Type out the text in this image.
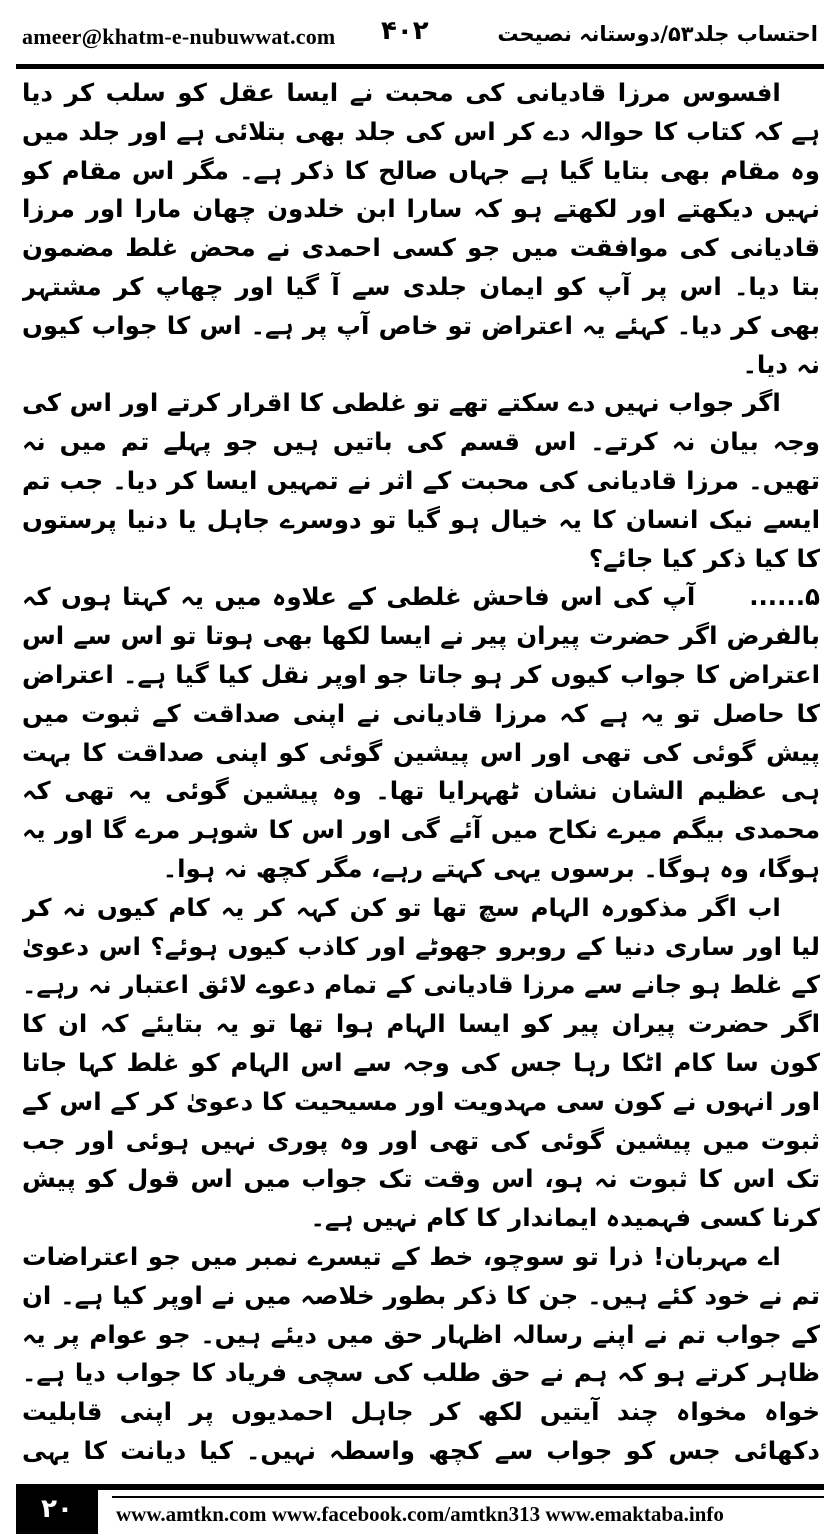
ameer@khatm-e-nubuwwat.com ۴۰۲	احتساب جلد۵۳/دوستانہ نصیحت

افسوس مرزا قادیانی کی محبت نے ایسا عقل کو سلب کر دیا ہے کہ کتاب کا حوالہ دے کر اس کی جلد بھی بتلائی ہے اور جلد میں وہ مقام بھی بتایا گیا ہے جہاں صالح کا ذکر ہے۔ مگر اس مقام کو نہیں دیکھتے اور لکھتے ہو کہ سارا ابن خلدون چھان مارا اور مرزا قادیانی کی موافقت میں جو کسی احمدی نے محض غلط مضمون بتا دیا۔ اس پر آپ کو ایمان جلدی سے آ گیا اور چھاپ کر مشتہر بھی کر دیا۔ کہئے یہ اعتراض تو خاص آپ پر ہے۔ اس کا جواب کیوں نہ دیا۔

اگر جواب نہیں دے سکتے تھے تو غلطی کا اقرار کرتے اور اس کی وجہ بیان نہ کرتے۔ اس قسم کی باتیں ہیں جو پہلے تم میں نہ تھیں۔ مرزا قادیانی کی محبت کے اثر نے تمہیں ایسا کر دیا۔ جب تم ایسے نیک انسان کا یہ خیال ہو گیا تو دوسرے جاہل یا دنیا پرستوں کا کیا ذکر کیا جائے؟

۵......آپ کی اس فاحش غلطی کے علاوہ میں یہ کہتا ہوں کہ بالفرض اگر حضرت پیران پیر نے ایسا لکھا بھی ہوتا تو اس سے اس اعتراض کا جواب کیوں کر ہو جاتا جو اوپر نقل کیا گیا ہے۔ اعتراض کا حاصل تو یہ ہے کہ مرزا قادیانی نے اپنی صداقت کے ثبوت میں پیش گوئی کی تھی اور اس پیشین گوئی کو اپنی صداقت کا بہت ہی عظیم الشان نشان ٹھہرایا تھا۔ وہ پیشین گوئی یہ تھی کہ محمدی بیگم میرے نکاح میں آئے گی اور اس کا شوہر مرے گا اور یہ ہوگا، وہ ہوگا۔ برسوں یہی کہتے رہے، مگر کچھ نہ ہوا۔

اب اگر مذکورہ الہام سچ تھا تو کن کہہ کر یہ کام کیوں نہ کر لیا اور ساری دنیا کے روبرو جھوٹے اور کاذب کیوں ہوئے؟ اس دعویٰ کے غلط ہو جانے سے مرزا قادیانی کے تمام دعوے لائق اعتبار نہ رہے۔ اگر حضرت پیران پیر کو ایسا الہام ہوا تھا تو یہ بتایئے کہ ان کا کون سا کام اٹکا رہا جس کی وجہ سے اس الہام کو غلط کہا جاتا اور انہوں نے کون سی مہدویت اور مسیحیت کا دعویٰ کر کے اس کے ثبوت میں پیشین گوئی کی تھی اور وہ پوری نہیں ہوئی اور جب تک اس کا ثبوت نہ ہو، اس وقت تک جواب میں اس قول کو پیش کرنا کسی فہمیدہ ایماندار کا کام نہیں ہے۔

اے مہربان! ذرا تو سوچو، خط کے تیسرے نمبر میں جو اعتراضات تم نے خود کئے ہیں۔ جن کا ذکر بطور خلاصہ میں نے اوپر کیا ہے۔ ان کے جواب تم نے اپنے رسالہ اظہار حق میں دیئے ہیں۔ جو عوام پر یہ ظاہر کرتے ہو کہ ہم نے حق طلب کی سچی فریاد کا جواب دیا ہے۔ خواہ مخواہ چند آیتیں لکھ کر جاہل احمدیوں پر اپنی قابلیت دکھائی جس کو جواب سے کچھ واسطہ نہیں۔ کیا دیانت کا یہی

۲۰	www.amtkn.com www.facebook.com/amtkn313 www.emaktaba.info
